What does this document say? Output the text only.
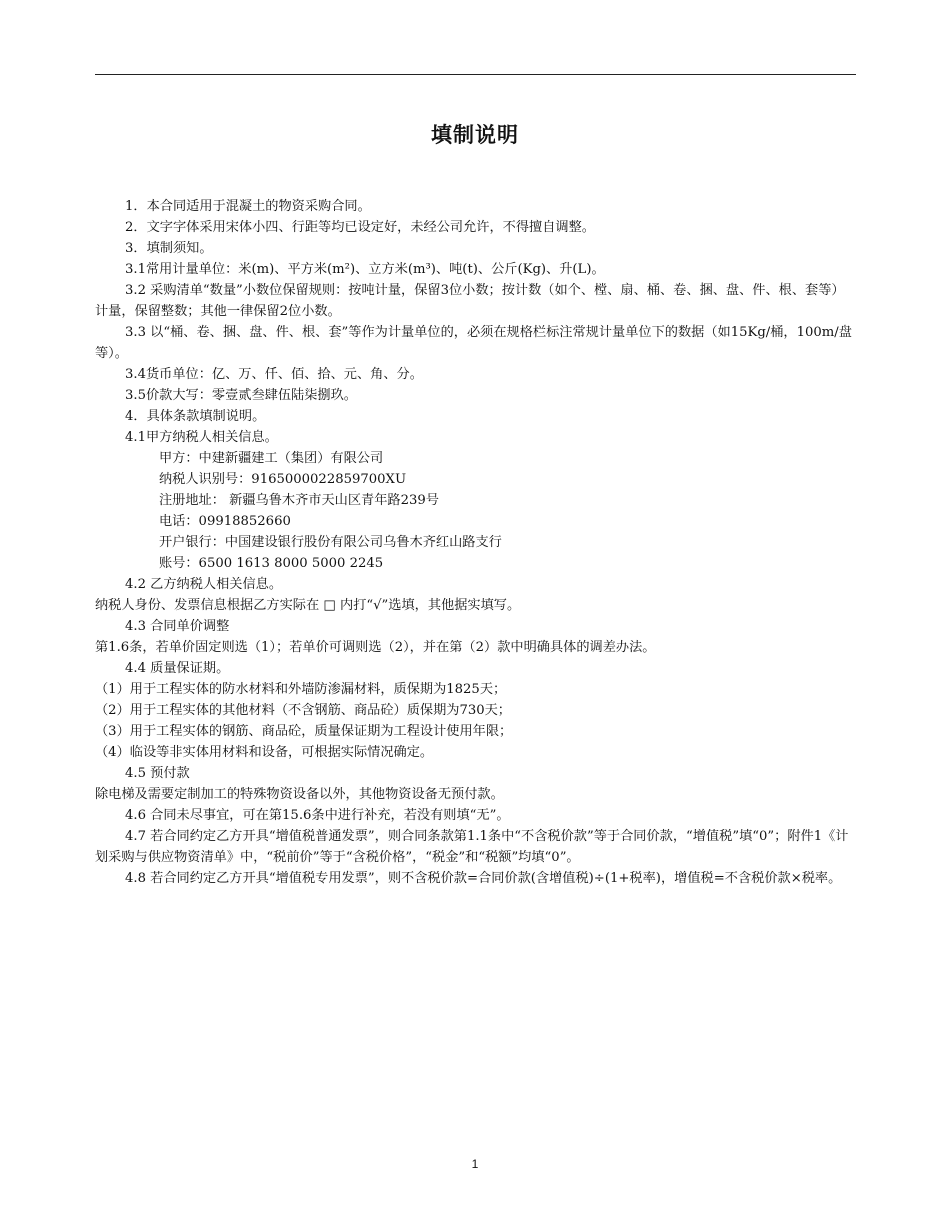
填制说明

1．本合同适用于混凝土的物资采购合同。

2．文字字体采用宋体小四、行距等均已设定好，未经公司允许，不得擅自调整。

3．填制须知。

3.1常用计量单位：米(m)、平方米(m²)、立方米(m³)、吨(t)、公斤(Kg)、升(L)。

3.2 采购清单“数量”小数位保留规则：按吨计量，保留3位小数；按计数（如个、樘、扇、桶、卷、捆、盘、件、根、套等）计量，保留整数；其他一律保留2位小数。

3.3 以“桶、卷、捆、盘、件、根、套”等作为计量单位的，必须在规格栏标注常规计量单位下的数据（如15Kg/桶，100m/盘等）。

3.4货币单位：亿、万、仟、佰、拾、元、角、分。

3.5价款大写：零壹贰叁肆伍陆柒捌玖。

4．具体条款填制说明。

4.1甲方纳税人相关信息。

甲方：中建新疆建工（集团）有限公司

纳税人识别号：9165000022859700XU

注册地址： 新疆乌鲁木齐市天山区青年路239号

电话：09918852660

开户银行：中国建设银行股份有限公司乌鲁木齐红山路支行

账号：6500 1613 8000 5000 2245

4.2 乙方纳税人相关信息。

纳税人身份、发票信息根据乙方实际在 □ 内打“√”选填，其他据实填写。

4.3 合同单价调整

第1.6条，若单价固定则选（1）；若单价可调则选（2），并在第（2）款中明确具体的调差办法。

4.4 质量保证期。

（1）用于工程实体的防水材料和外墙防渗漏材料，质保期为1825天；

（2）用于工程实体的其他材料（不含钢筋、商品砼）质保期为730天；

（3）用于工程实体的钢筋、商品砼，质量保证期为工程设计使用年限；

（4）临设等非实体用材料和设备，可根据实际情况确定。

4.5 预付款

除电梯及需要定制加工的特殊物资设备以外，其他物资设备无预付款。

4.6 合同未尽事宜，可在第15.6条中进行补充，若没有则填“无”。

4.7 若合同约定乙方开具“增值税普通发票”，则合同条款第1.1条中“不含税价款”等于合同价款，“增值税”填“0”；附件1《计划采购与供应物资清单》中，“税前价”等于“含税价格”，“税金”和“税额”均填“0”。

4.8 若合同约定乙方开具“增值税专用发票”，则不含税价款=合同价款(含增值税)÷(1+税率)，增值税=不含税价款×税率。

1
